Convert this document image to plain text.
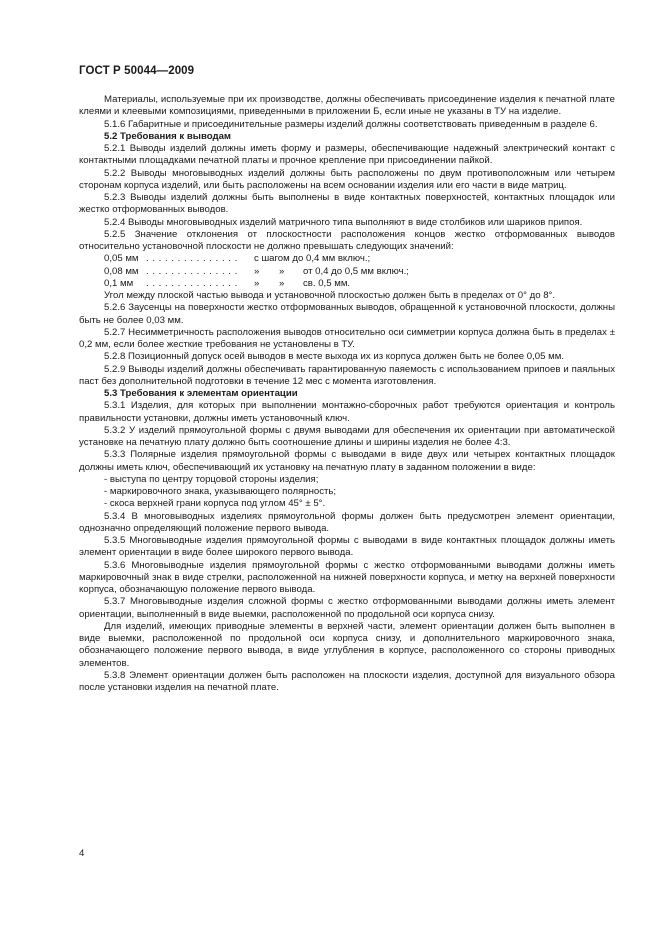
ГОСТ Р 50044—2009

Материалы, используемые при их производстве, должны обеспечивать присоединение изделия к печатной плате клеями и клеевыми композициями, приведенными в приложении Б, если иные не указаны в ТУ на изделие.

5.1.6 Габаритные и присоединительные размеры изделий должны соответствовать приведенным в разделе 6.

5.2 Требования к выводам

5.2.1 Выводы изделий должны иметь форму и размеры, обеспечивающие надежный электрический контакт с контактными площадками печатной платы и прочное крепление при присоединении пайкой.

5.2.2 Выводы многовыводных изделий должны быть расположены по двум противоположным или четырем сторонам корпуса изделий, или быть расположены на всем основании изделия или его части в виде матриц.

5.2.3 Выводы изделий должны быть выполнены в виде контактных поверхностей, контактных площадок или жестко отформованных выводов.

5.2.4 Выводы многовыводных изделий матричного типа выполняют в виде столбиков или шариков припоя.

5.2.5 Значение отклонения от плоскостности расположения концов жестко отформованных выводов относительно установочной плоскости не должно превышать следующих значений:

0,05 мм . . . . . . . . . . . . . . .	с шагом до 0,4 мм включ.;
0,08 мм . . . . . . . . . . . . . . .	»	»	от 0,4 до 0,5 мм включ.;
0,1 мм	. . . . . . . . . . . . . . .	»	»	св. 0,5 мм.

Угол между плоской частью вывода и установочной плоскостью должен быть в пределах от 0° до 8°.

5.2.6 Заусенцы на поверхности жестко отформованных выводов, обращенной к установочной плоскости, должны быть не более 0,03 мм.

5.2.7 Несимметричность расположения выводов относительно оси симметрии корпуса должна быть в пределах ± 0,2 мм, если более жесткие требования не установлены в ТУ.

5.2.8 Позиционный допуск осей выводов в месте выхода их из корпуса должен быть не более 0,05 мм.

5.2.9 Выводы изделий должны обеспечивать гарантированную паяемость с использованием припоев и паяльных паст без дополнительной подготовки в течение 12 мес с момента изготовления.

5.3 Требования к элементам ориентации

5.3.1 Изделия, для которых при выполнении монтажно-сборочных работ требуются ориентация и контроль правильности установки, должны иметь установочный ключ.

5.3.2 У изделий прямоугольной формы с двумя выводами для обеспечения их ориентации при автоматической установке на печатную плату должно быть соотношение длины и ширины изделия не более 4:3.

5.3.3 Полярные изделия прямоугольной формы с выводами в виде двух или четырех контактных площадок должны иметь ключ, обеспечивающий их установку на печатную плату в заданном положении в виде:

- выступа по центру торцовой стороны изделия;

- маркировочного знака, указывающего полярность;

- скоса верхней грани корпуса под углом 45° ± 5°.

5.3.4 В многовыводных изделиях прямоугольной формы должен быть предусмотрен элемент ориентации, однозначно определяющий положение первого вывода.

5.3.5 Многовыводные изделия прямоугольной формы с выводами в виде контактных площадок должны иметь элемент ориентации в виде более широкого первого вывода.

5.3.6 Многовыводные изделия прямоугольной формы с жестко отформованными выводами должны иметь маркировочный знак в виде стрелки, расположенной на нижней поверхности корпуса, и метку на верхней поверхности корпуса, обозначающую положение первого вывода.

5.3.7 Многовыводные изделия сложной формы с жестко отформованными выводами должны иметь элемент ориентации, выполненный в виде выемки, расположенной по продольной оси корпуса снизу.

Для изделий, имеющих приводные элементы в верхней части, элемент ориентации должен быть выполнен в виде выемки, расположенной по продольной оси корпуса снизу, и дополнительного маркировочного знака, обозначающего положение первого вывода, в виде углубления в корпусе, расположенного со стороны приводных элементов.

5.3.8 Элемент ориентации должен быть расположен на плоскости изделия, доступной для визуального обзора после установки изделия на печатной плате.

4
